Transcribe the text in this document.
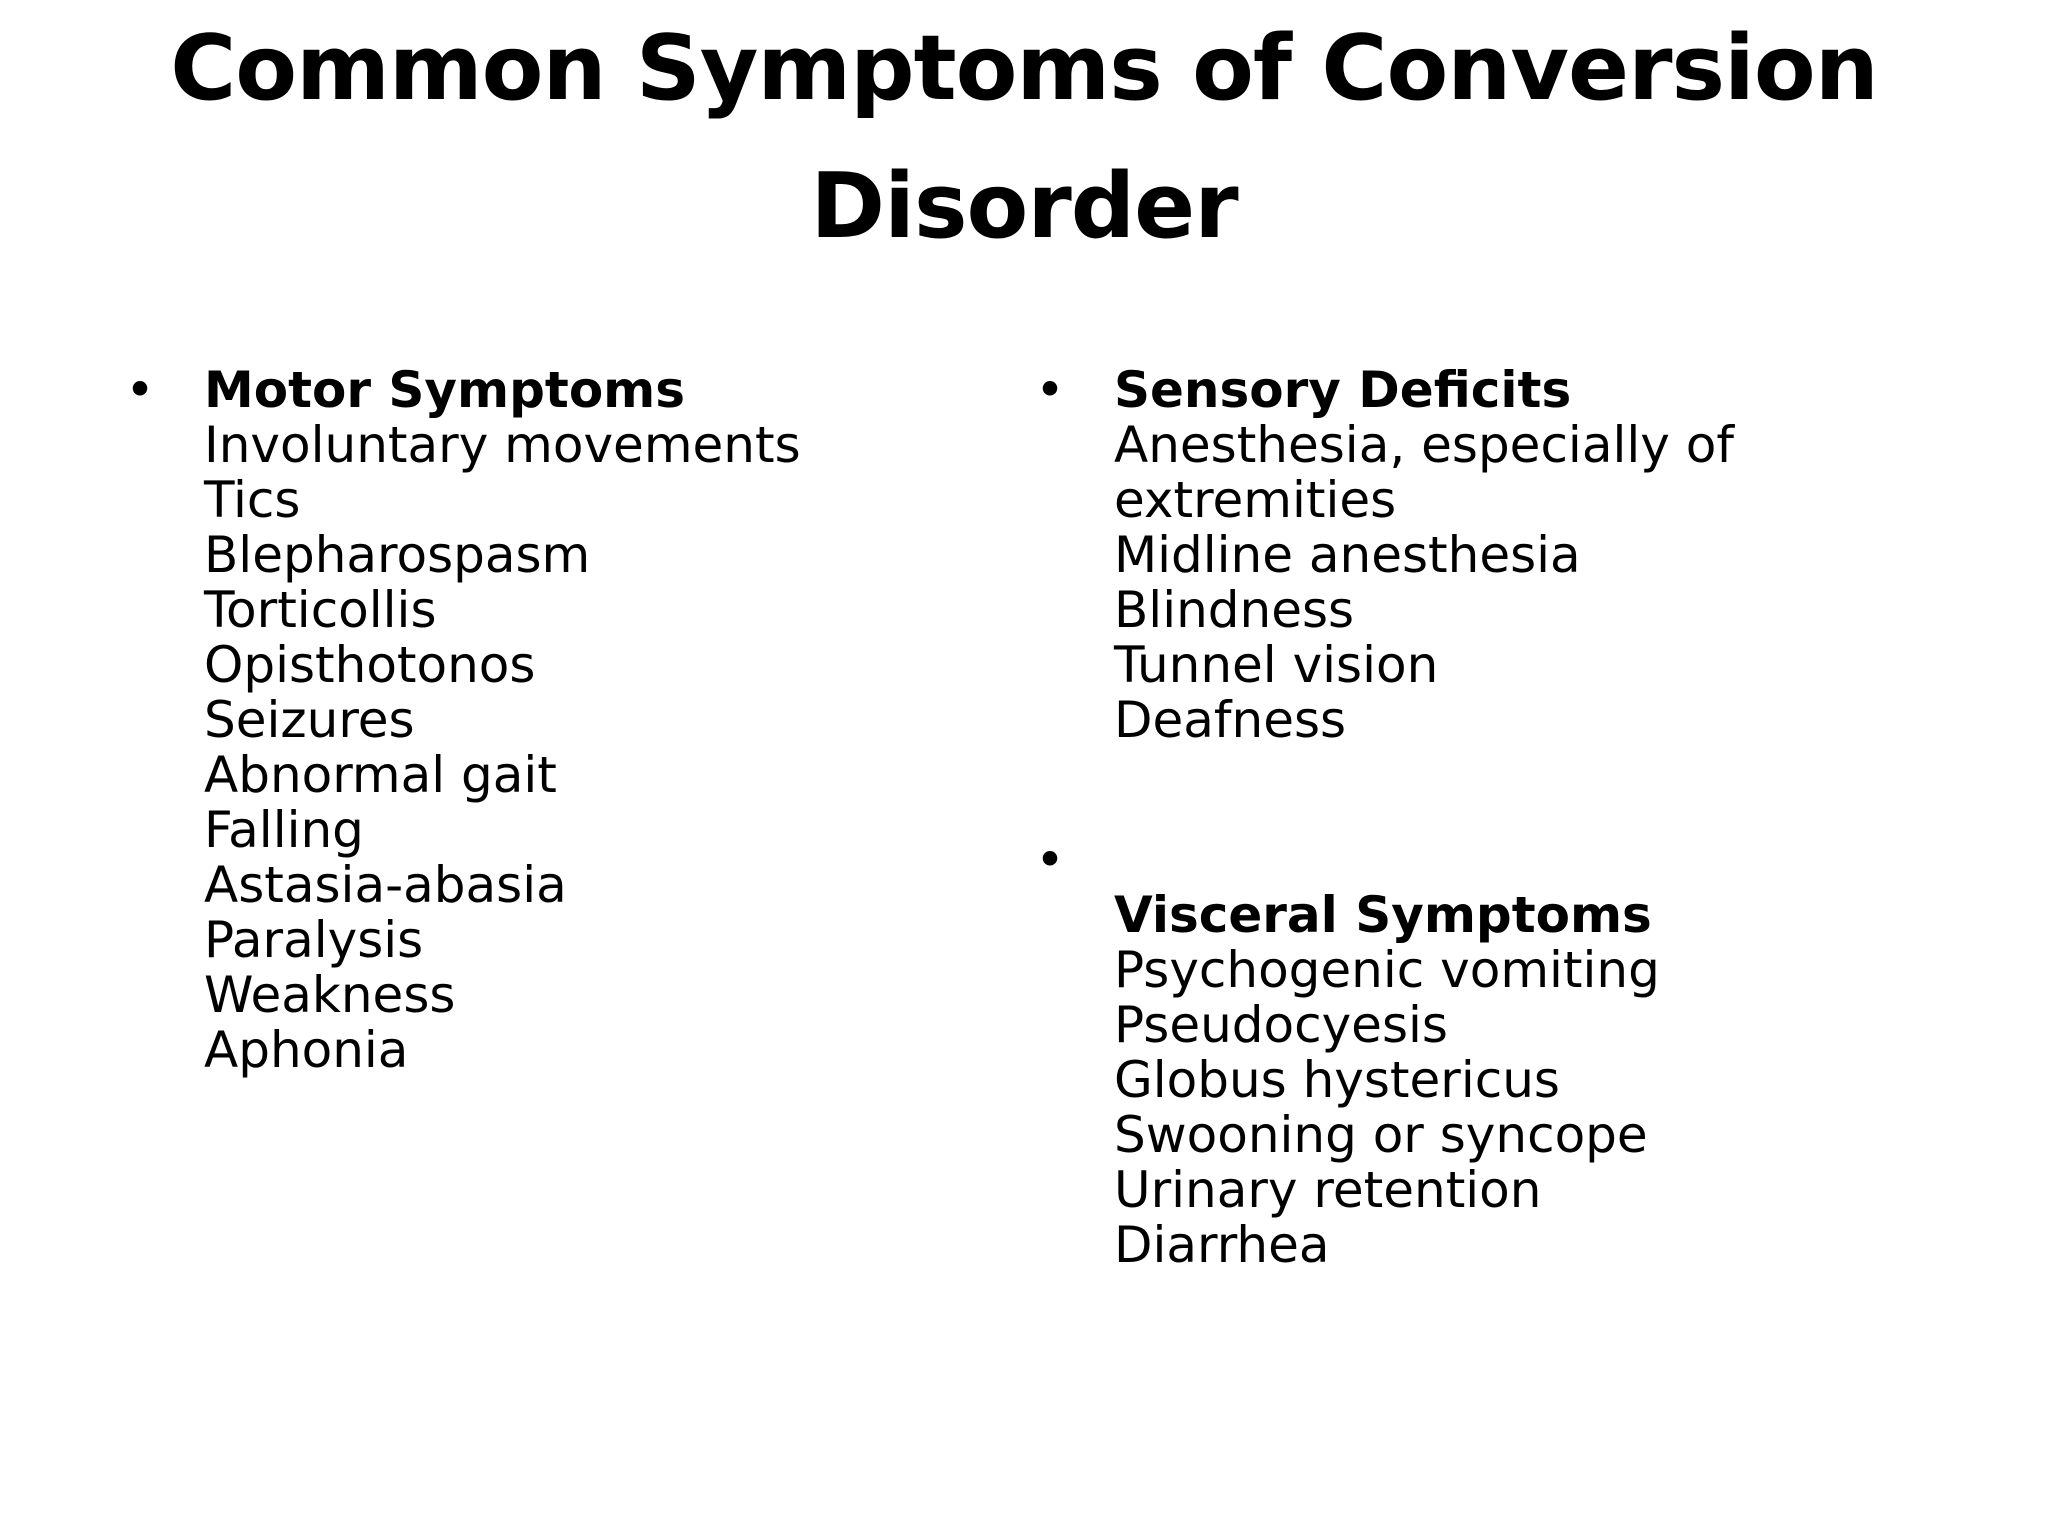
Common Symptoms of Conversion
Disorder
• Motor Symptoms
Involuntary movements
Tics
Blepharospasm
Torticollis
Opisthotonos
Seizures
Abnormal gait
Falling
Astasia-abasia
Paralysis
Weakness
Aphonia
• Sensory Deficits
Anesthesia, especially of
extremities
Midline anesthesia
Blindness
Tunnel vision
Deafness
•
Visceral Symptoms
Psychogenic vomiting
Pseudocyesis
Globus hystericus
Swooning or syncope
Urinary retention
Diarrhea
